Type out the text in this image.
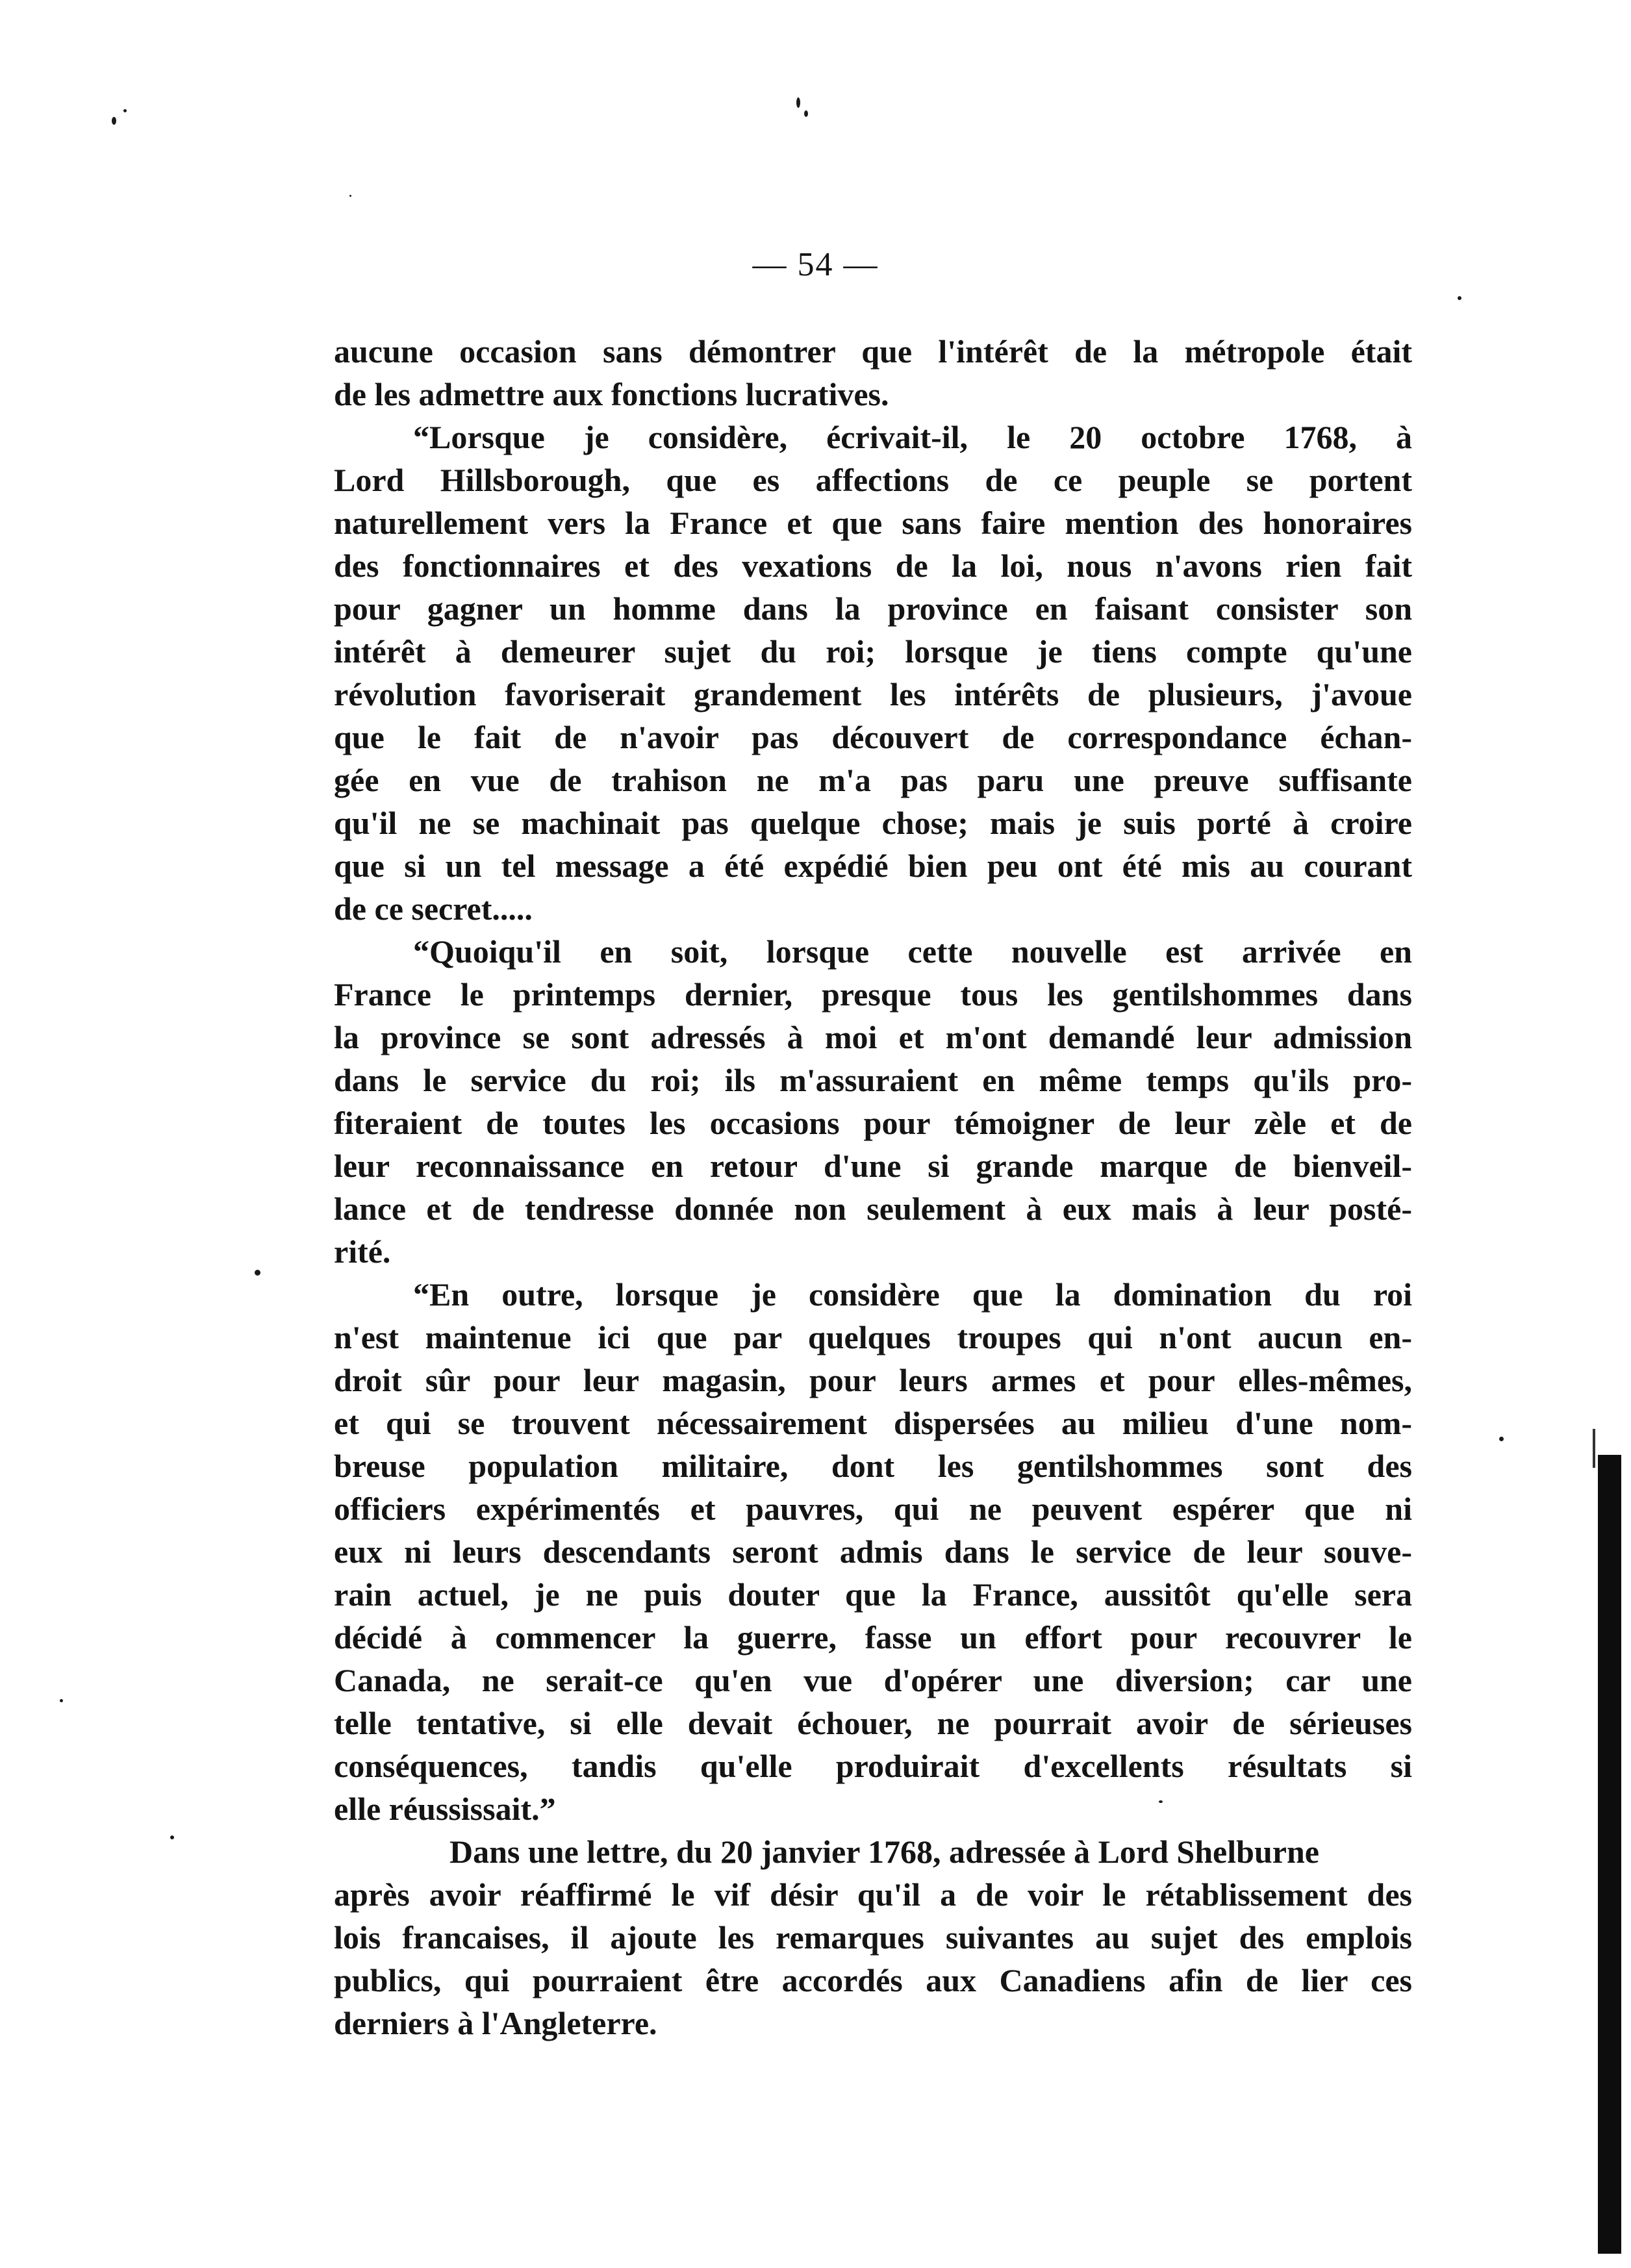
— 54 —
aucune occasion sans démontrer que l'intérêt de la métropole était
de les admettre aux fonctions lucratives.
“Lorsque je considère, écrivait-il, le 20 octobre 1768, à
Lord Hillsborough, que es affections de ce peuple se portent
naturellement vers la France et que sans faire mention des honoraires
des fonctionnaires et des vexations de la loi, nous n'avons rien fait
pour gagner un homme dans la province en faisant consister son
intérêt à demeurer sujet du roi; lorsque je tiens compte qu'une
révolution favoriserait grandement les intérêts de plusieurs, j'avoue
que le fait de n'avoir pas découvert de correspondance échan-
gée en vue de trahison ne m'a pas paru une preuve suffisante
qu'il ne se machinait pas quelque chose; mais je suis porté à croire
que si un tel message a été expédié bien peu ont été mis au courant
de ce secret.....
“Quoiqu'il en soit, lorsque cette nouvelle est arrivée en
France le printemps dernier, presque tous les gentilshommes dans
la province se sont adressés à moi et m'ont demandé leur admission
dans le service du roi; ils m'assuraient en même temps qu'ils pro-
fiteraient de toutes les occasions pour témoigner de leur zèle et de
leur reconnaissance en retour d'une si grande marque de bienveil-
lance et de tendresse donnée non seulement à eux mais à leur posté-
rité.
“En outre, lorsque je considère que la domination du roi
n'est maintenue ici que par quelques troupes qui n'ont aucun en-
droit sûr pour leur magasin, pour leurs armes et pour elles-mêmes,
et qui se trouvent nécessairement dispersées au milieu d'une nom-
breuse population militaire, dont les gentilshommes sont des
officiers expérimentés et pauvres, qui ne peuvent espérer que ni
eux ni leurs descendants seront admis dans le service de leur souve-
rain actuel, je ne puis douter que la France, aussitôt qu'elle sera
décidé à commencer la guerre, fasse un effort pour recouvrer le
Canada, ne serait-ce qu'en vue d'opérer une diversion; car une
telle tentative, si elle devait échouer, ne pourrait avoir de sérieuses
conséquences, tandis qu'elle produirait d'excellents résultats si
elle réussissait.”
Dans une lettre, du 20 janvier 1768, adressée à Lord Shelburne
après avoir réaffirmé le vif désir qu'il a de voir le rétablissement des
lois francaises, il ajoute les remarques suivantes au sujet des emplois
publics, qui pourraient être accordés aux Canadiens afin de lier ces
derniers à l'Angleterre.
